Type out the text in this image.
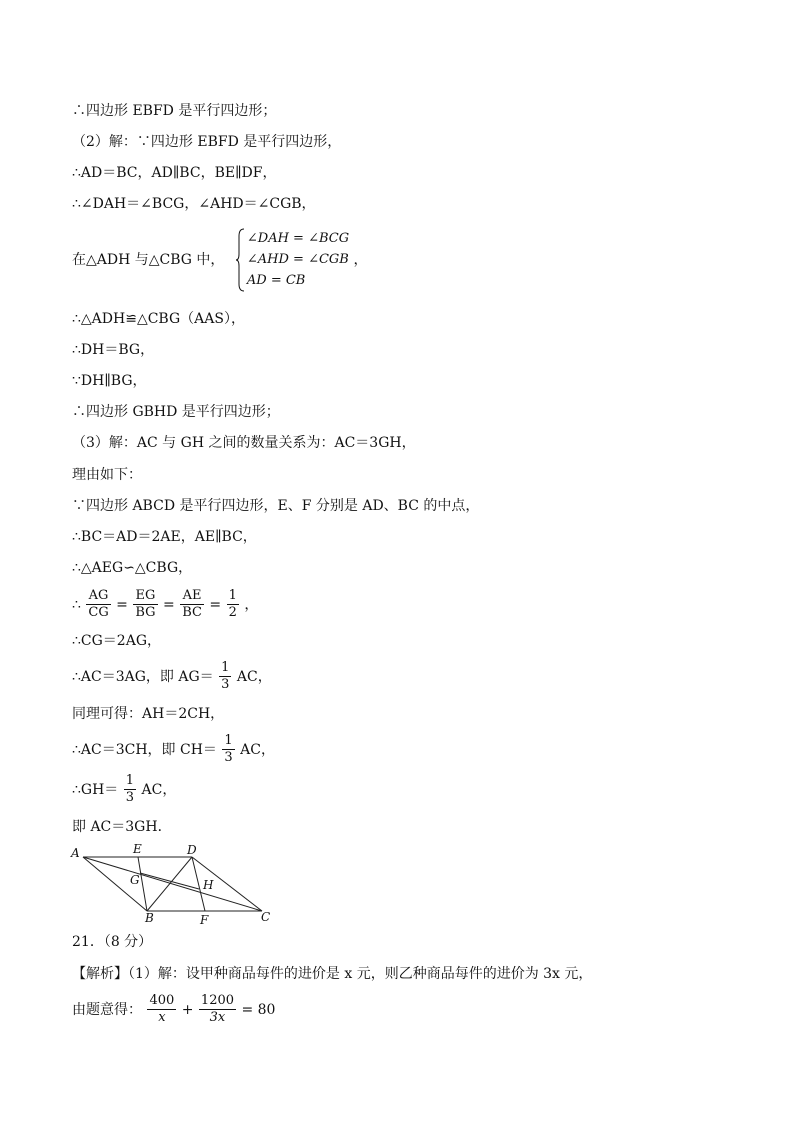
∴四边形 EBFD 是平行四边形；
（2）解：∵四边形 EBFD 是平行四边形，
∴AD＝BC，AD∥BC，BE∥DF，
∴∠DAH＝∠BCG，∠AHD＝∠CGB，
在△ADH 与△CBG 中，
∠DAH = ∠BCG
∠AHD = ∠CGB
AD = CB
，
∴△ADH≌△CBG（AAS），
∴DH＝BG，
∵DH∥BG，
∴四边形 GBHD 是平行四边形；
（3）解：AC 与 GH 之间的数量关系为：AC＝3GH，
理由如下：
∵四边形 ABCD 是平行四边形，E、F 分别是 AD、BC 的中点，
∴BC＝AD＝2AE，AE∥BC，
∴△AEG∽△CBG，
∴ $\frac{AG}{CG} = \frac{EG}{BG} = \frac{AE}{BC} = \frac{1}{2}$ ，
∴CG＝2AG，
∴AC＝3AG，即 $AG= \frac{1}{3}$ AC，
同理可得：AH＝2CH，
∴AC＝3CH，即 $CH= \frac{1}{3}$ AC，
∴GH＝ $\frac{1}{3}$ AC，
即 AC＝3GH．
A	E	D
G	H
B	F	C
21．（8 分）
【解析】（1）解：设甲种商品每件的进价是 x 元，则乙种商品每件的进价为 3x 元，
由题意得： $\frac{400}{x} + \frac{1200}{3x} = 80$
